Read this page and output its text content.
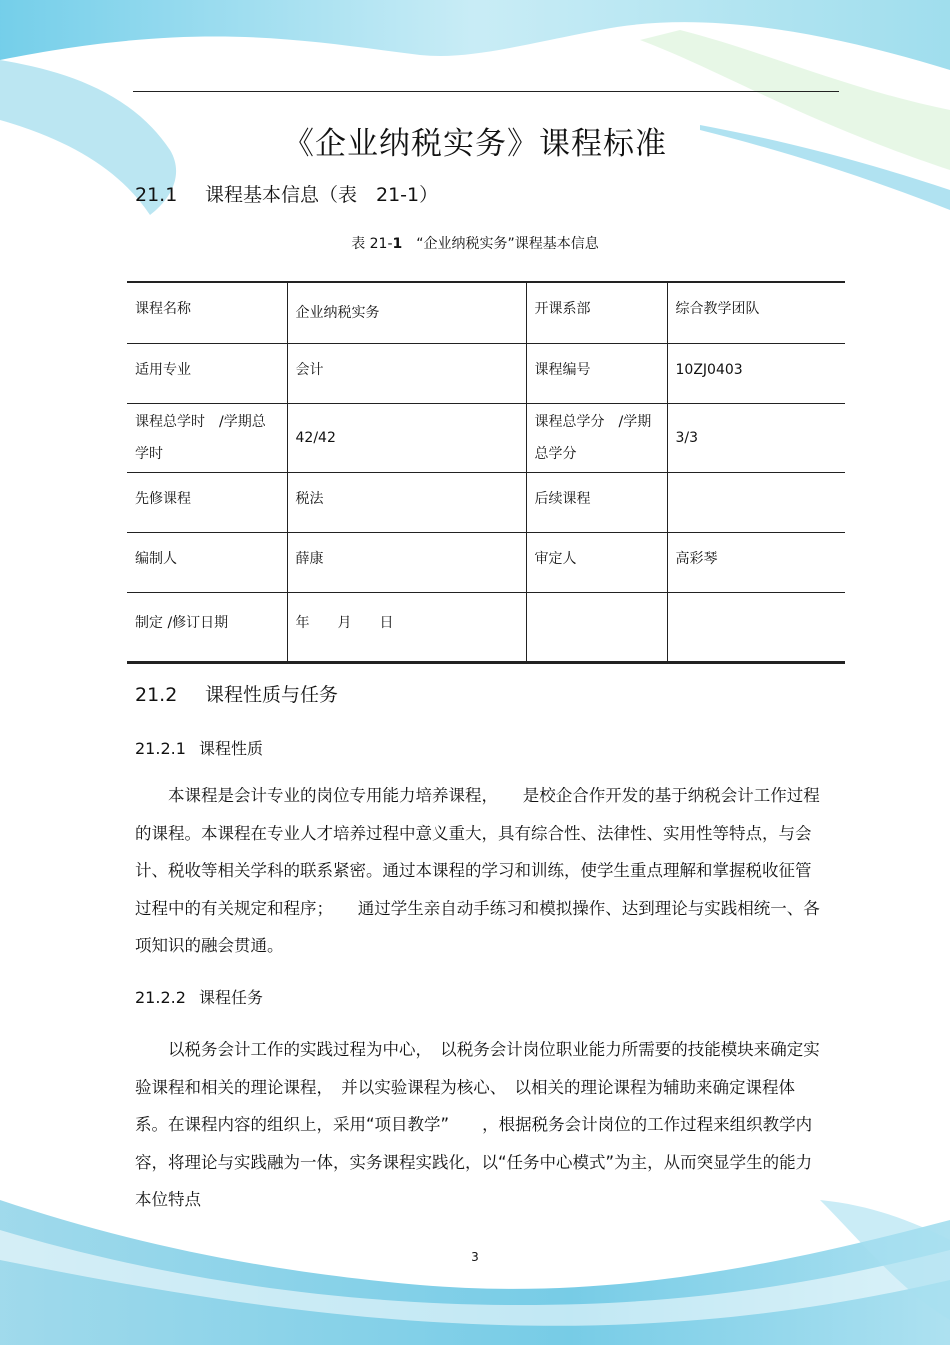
《企业纳税实务》课程标准
21.1 课程基本信息（表　21-1）
表 21-1　 “企业纳税实务”课程基本信息
课程名称	企业纳税实务	开课系部	综合教学团队
适用专业	会计	课程编号	10ZJ0403
课程总学时　/学期总学时	42/42	课程总学分　/学期总学分	3/3
先修课程	税法	后续课程	
编制人	薛康	审定人	高彩琴
制定 /修订日期	年　　月　　日		
21.2 课程性质与任务
21.2.1 课程性质

本课程是会计专业的岗位专用能力培养课程，　　是校企合作开发的基于纳税会计工作过程的课程。本课程在专业人才培养过程中意义重大，具有综合性、法律性、实用性等特点，与会计、税收等相关学科的联系紧密。通过本课程的学习和训练，使学生重点理解和掌握税收征管过程中的有关规定和程序；　　通过学生亲自动手练习和模拟操作、达到理论与实践相统一、各项知识的融会贯通。

21.2.2 课程任务

以税务会计工作的实践过程为中心，　以税务会计岗位职业能力所需要的技能模块来确定实验课程和相关的理论课程，　并以实验课程为核心、　以相关的理论课程为辅助来确定课程体系。在课程内容的组织上，采用“项目教学”　　，根据税务会计岗位的工作过程来组织教学内容，将理论与实践融为一体，实务课程实践化，以“任务中心模式”为主，从而突显学生的能力本位特点

3
